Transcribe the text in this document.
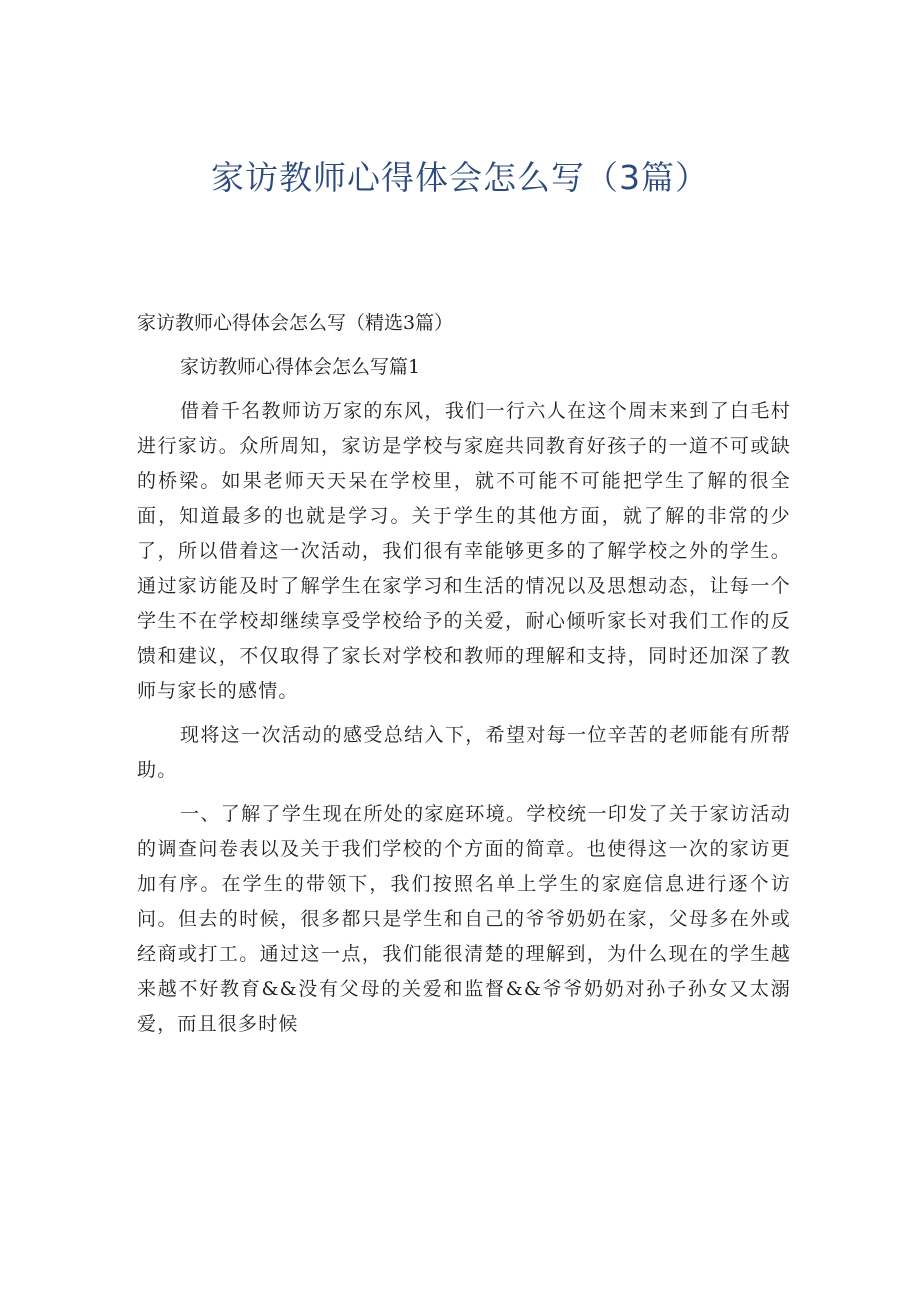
家访教师心得体会怎么写（3篇）

家访教师心得体会怎么写（精选3篇）

家访教师心得体会怎么写篇1

借着千名教师访万家的东风，我们一行六人在这个周末来到了白毛村进行家访。众所周知，家访是学校与家庭共同教育好孩子的一道不可或缺的桥梁。如果老师天天呆在学校里，就不可能不可能把学生了解的很全面，知道最多的也就是学习。关于学生的其他方面，就了解的非常的少了，所以借着这一次活动，我们很有幸能够更多的了解学校之外的学生。通过家访能及时了解学生在家学习和生活的情况以及思想动态，让每一个学生不在学校却继续享受学校给予的关爱，耐心倾听家长对我们工作的反馈和建议，不仅取得了家长对学校和教师的理解和支持，同时还加深了教师与家长的感情。

现将这一次活动的感受总结入下，希望对每一位辛苦的老师能有所帮助。

一、了解了学生现在所处的家庭环境。学校统一印发了关于家访活动的调查问卷表以及关于我们学校的个方面的简章。也使得这一次的家访更加有序。在学生的带领下，我们按照名单上学生的家庭信息进行逐个访问。但去的时候，很多都只是学生和自己的爷爷奶奶在家，父母多在外或经商或打工。通过这一点，我们能很清楚的理解到，为什么现在的学生越来越不好教育&&没有父母的关爱和监督&&爷爷奶奶对孙子孙女又太溺爱，而且很多时候
